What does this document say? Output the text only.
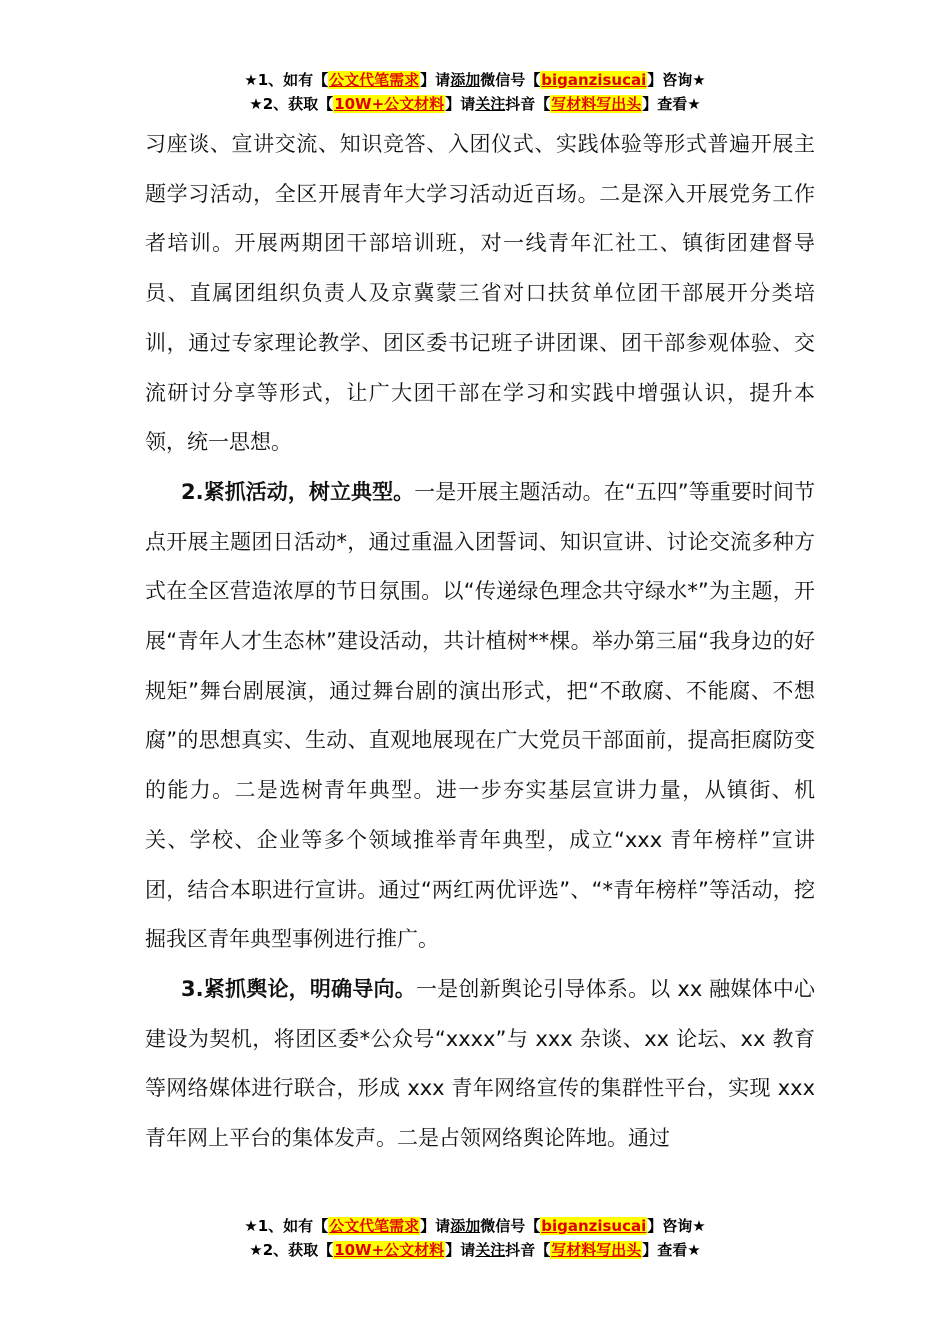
★1、如有【公文代笔需求】请添加微信号【biganzisucai】咨询★
★2、获取【10W+公文材料】请关注抖音【写材料写出头】查看★

习座谈、宣讲交流、知识竞答、入团仪式、实践体验等形式普遍开展主题学习活动，全区开展青年大学习活动近百场。二是深入开展党务工作者培训。开展两期团干部培训班，对一线青年汇社工、镇街团建督导员、直属团组织负责人及京冀蒙三省对口扶贫单位团干部展开分类培训，通过专家理论教学、团区委书记班子讲团课、团干部参观体验、交流研讨分享等形式，让广大团干部在学习和实践中增强认识，提升本领，统一思想。

2.紧抓活动，树立典型。一是开展主题活动。在“五四”等重要时间节点开展主题团日活动*，通过重温入团誓词、知识宣讲、讨论交流多种方式在全区营造浓厚的节日氛围。以“传递绿色理念共守绿水*”为主题，开展“青年人才生态林”建设活动，共计植树**棵。举办第三届“我身边的好规矩”舞台剧展演，通过舞台剧的演出形式，把“不敢腐、不能腐、不想腐”的思想真实、生动、直观地展现在广大党员干部面前，提高拒腐防变的能力。二是选树青年典型。进一步夯实基层宣讲力量，从镇街、机关、学校、企业等多个领域推举青年典型，成立“xxx 青年榜样”宣讲团，结合本职进行宣讲。通过“两红两优评选”、“*青年榜样”等活动，挖掘我区青年典型事例进行推广。

3.紧抓舆论，明确导向。一是创新舆论引导体系。以 xx 融媒体中心建设为契机，将团区委*公众号“xxxx”与 xxx 杂谈、xx 论坛、xx 教育等网络媒体进行联合，形成 xxx 青年网络宣传的集群性平台，实现 xxx 青年网上平台的集体发声。二是占领网络舆论阵地。通过

★1、如有【公文代笔需求】请添加微信号【biganzisucai】咨询★
★2、获取【10W+公文材料】请关注抖音【写材料写出头】查看★
